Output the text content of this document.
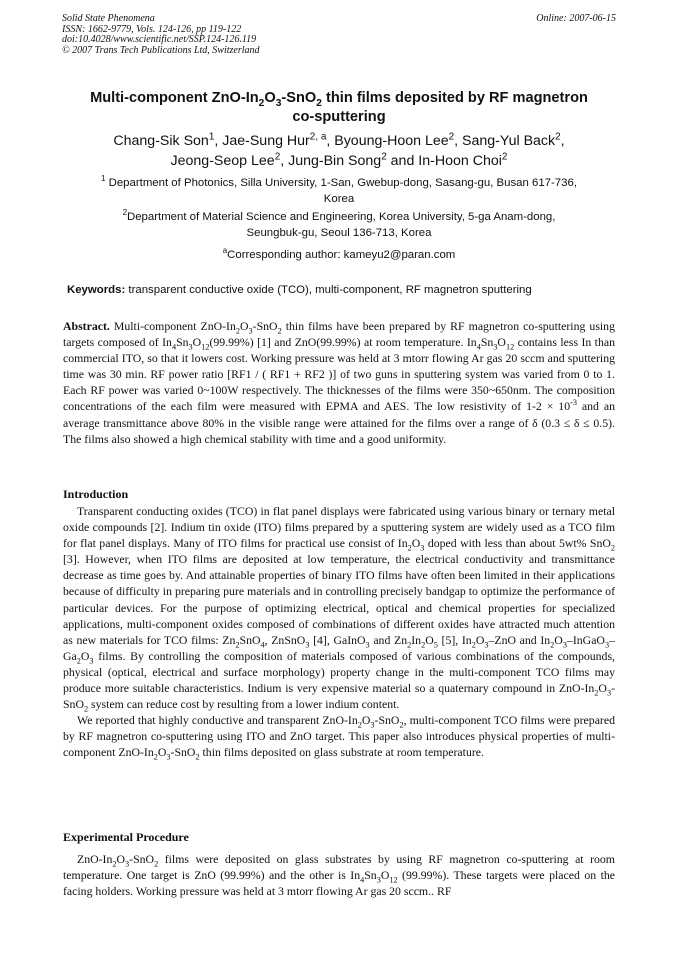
Solid State Phenomena
ISSN: 1662-9779, Vols. 124-126, pp 119-122
doi:10.4028/www.scientific.net/SSP.124-126.119
© 2007 Trans Tech Publications Ltd, Switzerland
Online: 2007-06-15
Multi-component ZnO-$In_2O_3-SnO_2$ thin films deposited by RF magnetron
co-sputtering
Chang-Sik Son$^1$, Jae-Sung Hur$^{2, a}$, Byoung-Hoon Lee$^2$, Sang-Yul Back$^2$,
Jeong-Seop Lee$^2$, Jung-Bin Song$^2$ and In-Hoon Choi$^2$
$^1$ Department of Photonics, Silla University, 1-San, Gwebup-dong, Sasang-gu, Busan 617-736,
Korea
$^2$Department of Material Science and Engineering, Korea University, 5-ga Anam-dong,
Seungbuk-gu, Seoul 136-713, Korea
$^a$Corresponding author: kameyu2@paran.com
Keywords: transparent conductive oxide (TCO), multi-component, RF magnetron sputtering

Abstract. Multi-component ZnO-$In_2O_3-SnO_2$ thin films have been prepared by RF magnetron co-sputtering using targets composed of $In_4Sn_3O_{12}(99.99\%)$ [1] and ZnO(99.99%) at room temperature. $In_4Sn_3O_{12}$ contains less In than commercial ITO, so that it lowers cost. Working pressure was held at 3 mtorr flowing Ar gas 20 sccm and sputtering time was 30 min. RF power ratio [RF1 / ( RF1 + RF2 )] of two guns in sputtering system was varied from 0 to 1. Each RF power was varied 0~100W respectively. The thicknesses of the films were 350~650nm. The composition concentrations of the each film were measured with EPMA and AES. The low resistivity of $1-2 \times 10^{-3}$ and an average transmittance above 80% in the visible range were attained for the films over a range of δ (0.3 ≤ δ ≤ 0.5). The films also showed a high chemical stability with time and a good uniformity.

Introduction

Transparent conducting oxides (TCO) in flat panel displays were fabricated using various binary or ternary metal oxide compounds [2]. Indium tin oxide (ITO) films prepared by a sputtering system are widely used as a TCO film for flat panel displays. Many of ITO films for practical use consist of $In_2O_3$ doped with less than about 5wt% SnO$_2$ [3]. However, when ITO films are deposited at low temperature, the electrical conductivity and transmittance decrease as time goes by. And attainable properties of binary ITO films have often been limited in their applications because of difficulty in preparing pure materials and in controlling precisely bandgap to optimize the performance of particular devices. For the purpose of optimizing electrical, optical and chemical properties for specialized applications, multi-component oxides composed of combinations of different oxides have attracted much attention as new materials for TCO films: $Zn_2SnO_4$, ZnSnO$_3$ [4], GaInO$_3$ and $Zn_2In_2O_5$ [5], $In_2O_3$–ZnO and $In_2O_3-InGaO_3-Ga_2O_3$ films. By controlling the composition of materials composed of various combinations of the compounds, physical (optical, electrical and surface morphology) property change in the multi-component TCO films may produce more suitable characteristics. Indium is very expensive material so a quaternary compound in ZnO-$In_2O_3-SnO_2$ system can reduce cost by resulting from a lower indium content.

We reported that highly conductive and transparent ZnO-$In_2O_3-SnO_2$, multi-component TCO films were prepared by RF magnetron co-sputtering using ITO and ZnO target. This paper also introduces physical properties of multi-component ZnO-$In_2O_3-SnO_2$ thin films deposited on glass substrate at room temperature.

Experimental Procedure

ZnO-$In_2O_3-SnO_2$ films were deposited on glass substrates by using RF magnetron co-sputtering at room temperature. One target is ZnO (99.99%) and the other is $In_4Sn_3O_{12}$ (99.99%). These targets were placed on the facing holders. Working pressure was held at 3 mtorr flowing Ar gas 20 sccm.. RF
